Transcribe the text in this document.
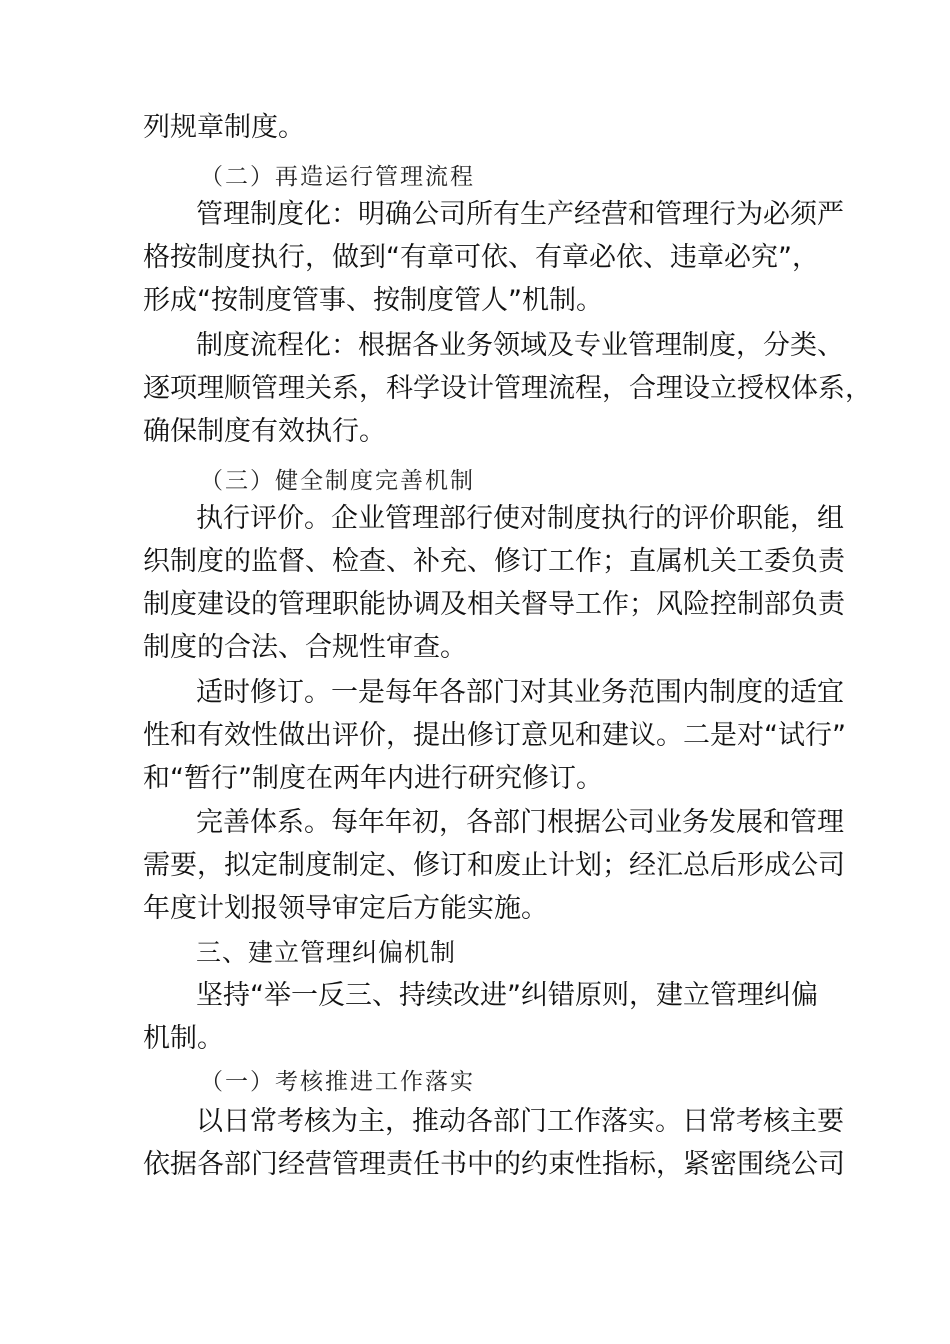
列规章制度。
（二）再造运行管理流程
管理制度化：明确公司所有生产经营和管理行为必须严
格按制度执行，做到“有章可依、有章必依、违章必究”，
形成“按制度管事、按制度管人”机制。
制度流程化：根据各业务领域及专业管理制度，分类、
逐项理顺管理关系，科学设计管理流程，合理设立授权体系，
确保制度有效执行。
（三）健全制度完善机制
执行评价。企业管理部行使对制度执行的评价职能，组
织制度的监督、检查、补充、修订工作；直属机关工委负责
制度建设的管理职能协调及相关督导工作；风险控制部负责
制度的合法、合规性审查。
适时修订。一是每年各部门对其业务范围内制度的适宜
性和有效性做出评价，提出修订意见和建议。二是对“试行”
和“暂行”制度在两年内进行研究修订。
完善体系。每年年初，各部门根据公司业务发展和管理
需要，拟定制度制定、修订和废止计划；经汇总后形成公司
年度计划报领导审定后方能实施。
三、建立管理纠偏机制
坚持“举一反三、持续改进”纠错原则，建立管理纠偏
机制。
（一）考核推进工作落实
以日常考核为主，推动各部门工作落实。日常考核主要
依据各部门经营管理责任书中的约束性指标，紧密围绕公司
